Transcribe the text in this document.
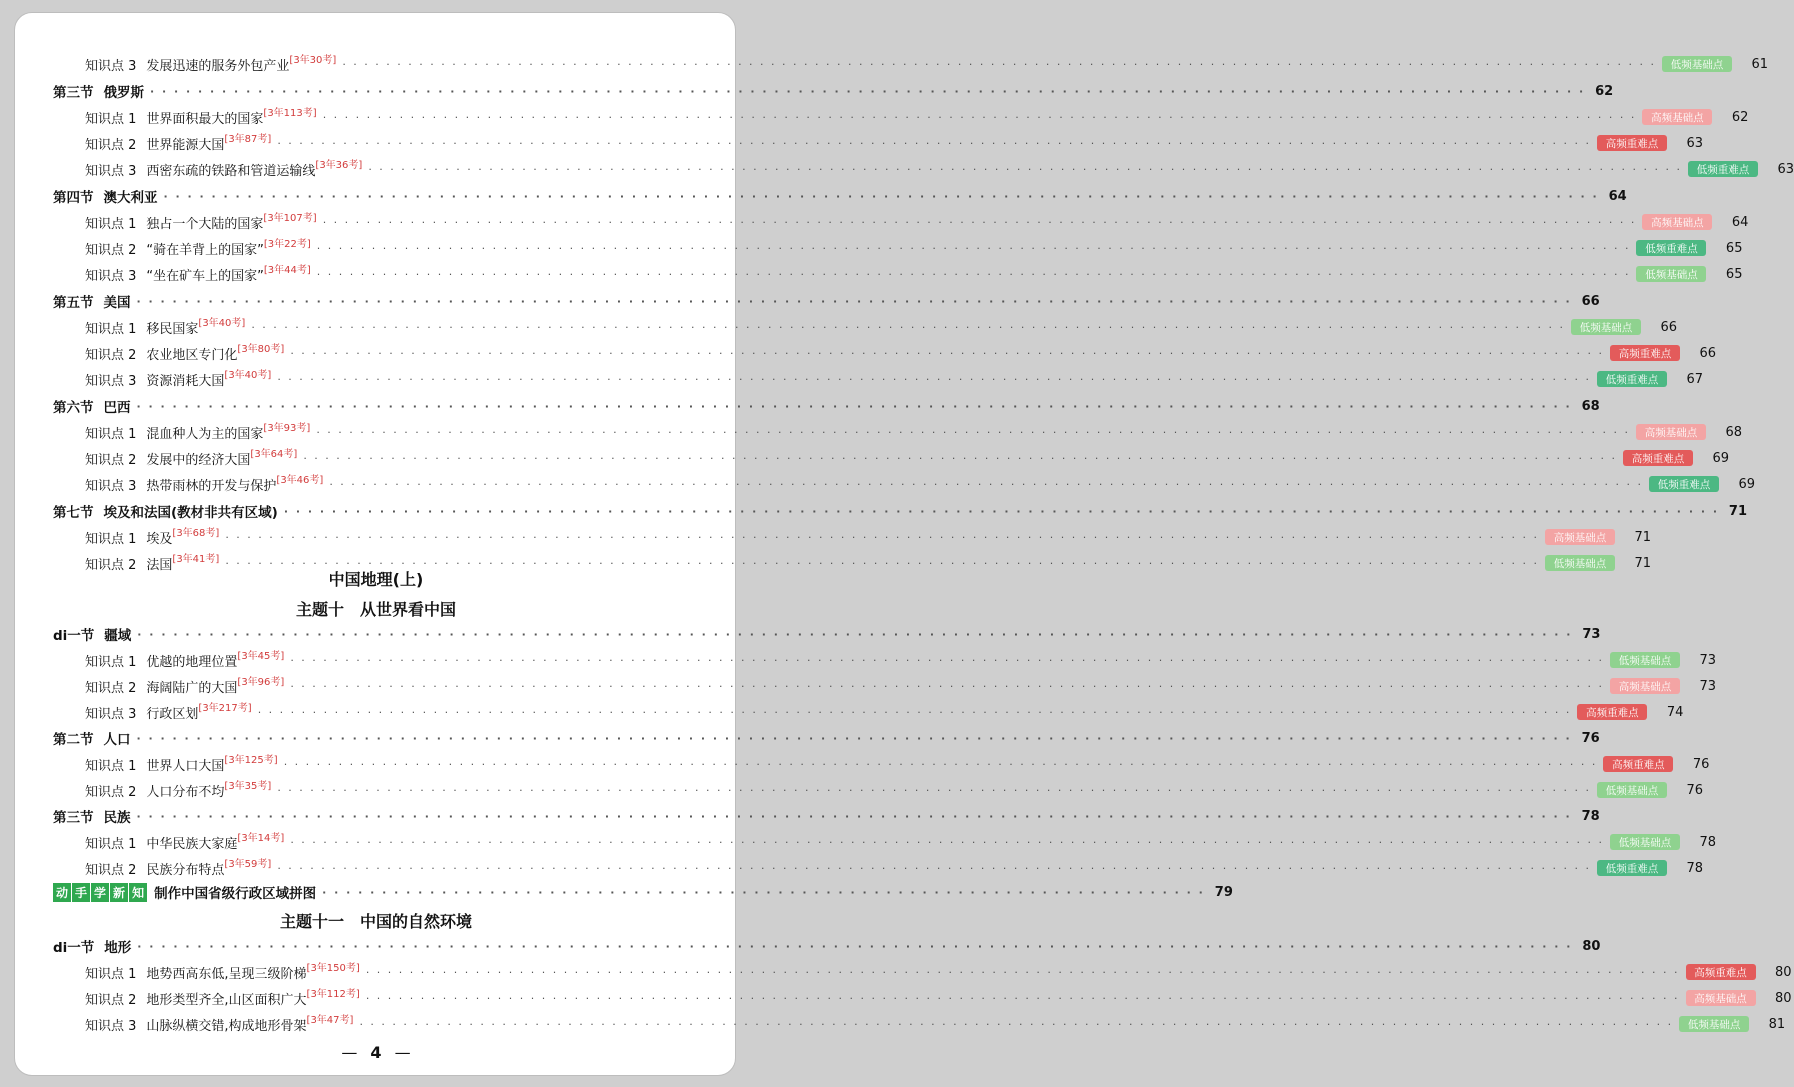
中国地理(上)
主题十　从世界看中国
动 手 学 新 知 制作中国省级行政区域拼图 · · · · · · · · · · · · · · · · · · · · · · · · · · · · · · · · · · · · · · · · · · · · · · · · · · · · · · · · · · · · · · · · · · · · · · · · · · 79
主题十一　中国的自然环境
— 4 —
知识点 3 发展迅速的服务外包产业[3年30考] · · · · · · · · · · · · · · · · · · · · · · · · · · · · · · · · · · · · · · · · · · · · · · · · · · · · · · · · · · · · · · · · · · · · · · · · · · · · · · · · · · · · · · · · · · · · · · · · · · · · · · · · · · · · · · · · · · · · · · · ·	低频基础点	61
第三节 俄罗斯 · · · · · · · · · · · · · · · · · · · · · · · · · · · · · · · · · · · · · · · · · · · · · · · · · · · · · · · · · · · · · · · · · · · · · · · · · · · · · · · · · · · · · · · · · · · · · · · · · · · · · · · · · · · · · · · · · · · · · · · · 62
知识点 1 世界面积最大的国家[3年113考] · · · · · · · · · · · · · · · · · · · · · · · · · · · · · · · · · · · · · · · · · · · · · · · · · · · · · · · · · · · · · · · · · · · · · · · · · · · · · · · · · · · · · · · · · · · · · · · · · · · · · · · · · · · · · · · · · · · · · · · ·	高频基础点	62
知识点 2 世界能源大国[3年87考] · · · · · · · · · · · · · · · · · · · · · · · · · · · · · · · · · · · · · · · · · · · · · · · · · · · · · · · · · · · · · · · · · · · · · · · · · · · · · · · · · · · · · · · · · · · · · · · · · · · · · · · · · · · · · · · · · · · · · · · ·	高频重难点	63
知识点 3 西密东疏的铁路和管道运输线[3年36考] · · · · · · · · · · · · · · · · · · · · · · · · · · · · · · · · · · · · · · · · · · · · · · · · · · · · · · · · · · · · · · · · · · · · · · · · · · · · · · · · · · · · · · · · · · · · · · · · · · · · · · · · · · · · · · · · · · · · · · · ·	低频重难点	63
第四节 澳大利亚 · · · · · · · · · · · · · · · · · · · · · · · · · · · · · · · · · · · · · · · · · · · · · · · · · · · · · · · · · · · · · · · · · · · · · · · · · · · · · · · · · · · · · · · · · · · · · · · · · · · · · · · · · · · · · · · · · · · · · · · · 64
知识点 1 独占一个大陆的国家[3年107考] · · · · · · · · · · · · · · · · · · · · · · · · · · · · · · · · · · · · · · · · · · · · · · · · · · · · · · · · · · · · · · · · · · · · · · · · · · · · · · · · · · · · · · · · · · · · · · · · · · · · · · · · · · · · · · · · · · · · · · · ·	高频基础点	64
知识点 2 “骑在羊背上的国家”[3年22考] · · · · · · · · · · · · · · · · · · · · · · · · · · · · · · · · · · · · · · · · · · · · · · · · · · · · · · · · · · · · · · · · · · · · · · · · · · · · · · · · · · · · · · · · · · · · · · · · · · · · · · · · · · · · · · · · · · · · · · · ·	低频重难点	65
知识点 3 “坐在矿车上的国家”[3年44考] · · · · · · · · · · · · · · · · · · · · · · · · · · · · · · · · · · · · · · · · · · · · · · · · · · · · · · · · · · · · · · · · · · · · · · · · · · · · · · · · · · · · · · · · · · · · · · · · · · · · · · · · · · · · · · · · · · · · · · · ·	低频基础点	65
第五节 美国 · · · · · · · · · · · · · · · · · · · · · · · · · · · · · · · · · · · · · · · · · · · · · · · · · · · · · · · · · · · · · · · · · · · · · · · · · · · · · · · · · · · · · · · · · · · · · · · · · · · · · · · · · · · · · · · · · · · · · · · · 66
知识点 1 移民国家[3年40考] · · · · · · · · · · · · · · · · · · · · · · · · · · · · · · · · · · · · · · · · · · · · · · · · · · · · · · · · · · · · · · · · · · · · · · · · · · · · · · · · · · · · · · · · · · · · · · · · · · · · · · · · · · · · · · · · · · · · · · · ·	低频基础点	66
知识点 2 农业地区专门化[3年80考] · · · · · · · · · · · · · · · · · · · · · · · · · · · · · · · · · · · · · · · · · · · · · · · · · · · · · · · · · · · · · · · · · · · · · · · · · · · · · · · · · · · · · · · · · · · · · · · · · · · · · · · · · · · · · · · · · · · · · · · ·	高频重难点	66
知识点 3 资源消耗大国[3年40考] · · · · · · · · · · · · · · · · · · · · · · · · · · · · · · · · · · · · · · · · · · · · · · · · · · · · · · · · · · · · · · · · · · · · · · · · · · · · · · · · · · · · · · · · · · · · · · · · · · · · · · · · · · · · · · · · · · · · · · · ·	低频重难点	67
第六节 巴西 · · · · · · · · · · · · · · · · · · · · · · · · · · · · · · · · · · · · · · · · · · · · · · · · · · · · · · · · · · · · · · · · · · · · · · · · · · · · · · · · · · · · · · · · · · · · · · · · · · · · · · · · · · · · · · · · · · · · · · · · 68
知识点 1 混血种人为主的国家[3年93考] · · · · · · · · · · · · · · · · · · · · · · · · · · · · · · · · · · · · · · · · · · · · · · · · · · · · · · · · · · · · · · · · · · · · · · · · · · · · · · · · · · · · · · · · · · · · · · · · · · · · · · · · · · · · · · · · · · · · · · · ·	高频基础点	68
知识点 2 发展中的经济大国[3年64考] · · · · · · · · · · · · · · · · · · · · · · · · · · · · · · · · · · · · · · · · · · · · · · · · · · · · · · · · · · · · · · · · · · · · · · · · · · · · · · · · · · · · · · · · · · · · · · · · · · · · · · · · · · · · · · · · · · · · · · · ·	高频重难点	69
知识点 3 热带雨林的开发与保护[3年46考] · · · · · · · · · · · · · · · · · · · · · · · · · · · · · · · · · · · · · · · · · · · · · · · · · · · · · · · · · · · · · · · · · · · · · · · · · · · · · · · · · · · · · · · · · · · · · · · · · · · · · · · · · · · · · · · · · · · · · · · ·	低频重难点	69
第七节 埃及和法国(教材非共有区域) · · · · · · · · · · · · · · · · · · · · · · · · · · · · · · · · · · · · · · · · · · · · · · · · · · · · · · · · · · · · · · · · · · · · · · · · · · · · · · · · · · · · · · · · · · · · · · · · · · · · · · · · · · · · · · · · · · · · · · · · 71
知识点 1 埃及[3年68考] · · · · · · · · · · · · · · · · · · · · · · · · · · · · · · · · · · · · · · · · · · · · · · · · · · · · · · · · · · · · · · · · · · · · · · · · · · · · · · · · · · · · · · · · · · · · · · · · · · · · · · · · · · · · · · · · · · · · · · · ·	高频基础点	71
知识点 2 法国[3年41考] · · · · · · · · · · · · · · · · · · · · · · · · · · · · · · · · · · · · · · · · · · · · · · · · · · · · · · · · · · · · · · · · · · · · · · · · · · · · · · · · · · · · · · · · · · · · · · · · · · · · · · · · · · · · · · · · · · · · · · · ·	低频基础点	71
di一节 疆域 · · · · · · · · · · · · · · · · · · · · · · · · · · · · · · · · · · · · · · · · · · · · · · · · · · · · · · · · · · · · · · · · · · · · · · · · · · · · · · · · · · · · · · · · · · · · · · · · · · · · · · · · · · · · · · · · · · · · · · · · 73
知识点 1 优越的地理位置[3年45考] · · · · · · · · · · · · · · · · · · · · · · · · · · · · · · · · · · · · · · · · · · · · · · · · · · · · · · · · · · · · · · · · · · · · · · · · · · · · · · · · · · · · · · · · · · · · · · · · · · · · · · · · · · · · · · · · · · · · · · · ·	低频基础点	73
知识点 2 海阔陆广的大国[3年96考] · · · · · · · · · · · · · · · · · · · · · · · · · · · · · · · · · · · · · · · · · · · · · · · · · · · · · · · · · · · · · · · · · · · · · · · · · · · · · · · · · · · · · · · · · · · · · · · · · · · · · · · · · · · · · · · · · · · · · · · ·	高频基础点	73
知识点 3 行政区划[3年217考] · · · · · · · · · · · · · · · · · · · · · · · · · · · · · · · · · · · · · · · · · · · · · · · · · · · · · · · · · · · · · · · · · · · · · · · · · · · · · · · · · · · · · · · · · · · · · · · · · · · · · · · · · · · · · · · · · · · · · · · ·	高频重难点	74
第二节 人口 · · · · · · · · · · · · · · · · · · · · · · · · · · · · · · · · · · · · · · · · · · · · · · · · · · · · · · · · · · · · · · · · · · · · · · · · · · · · · · · · · · · · · · · · · · · · · · · · · · · · · · · · · · · · · · · · · · · · · · · · 76
知识点 1 世界人口大国[3年125考] · · · · · · · · · · · · · · · · · · · · · · · · · · · · · · · · · · · · · · · · · · · · · · · · · · · · · · · · · · · · · · · · · · · · · · · · · · · · · · · · · · · · · · · · · · · · · · · · · · · · · · · · · · · · · · · · · · · · · · · ·	高频重难点	76
知识点 2 人口分布不均[3年35考] · · · · · · · · · · · · · · · · · · · · · · · · · · · · · · · · · · · · · · · · · · · · · · · · · · · · · · · · · · · · · · · · · · · · · · · · · · · · · · · · · · · · · · · · · · · · · · · · · · · · · · · · · · · · · · · · · · · · · · · ·	低频基础点	76
第三节 民族 · · · · · · · · · · · · · · · · · · · · · · · · · · · · · · · · · · · · · · · · · · · · · · · · · · · · · · · · · · · · · · · · · · · · · · · · · · · · · · · · · · · · · · · · · · · · · · · · · · · · · · · · · · · · · · · · · · · · · · · · 78
知识点 1 中华民族大家庭[3年14考] · · · · · · · · · · · · · · · · · · · · · · · · · · · · · · · · · · · · · · · · · · · · · · · · · · · · · · · · · · · · · · · · · · · · · · · · · · · · · · · · · · · · · · · · · · · · · · · · · · · · · · · · · · · · · · · · · · · · · · · ·	低频基础点	78
知识点 2 民族分布特点[3年59考] · · · · · · · · · · · · · · · · · · · · · · · · · · · · · · · · · · · · · · · · · · · · · · · · · · · · · · · · · · · · · · · · · · · · · · · · · · · · · · · · · · · · · · · · · · · · · · · · · · · · · · · · · · · · · · · · · · · · · · · ·	低频重难点	78
di一节 地形 · · · · · · · · · · · · · · · · · · · · · · · · · · · · · · · · · · · · · · · · · · · · · · · · · · · · · · · · · · · · · · · · · · · · · · · · · · · · · · · · · · · · · · · · · · · · · · · · · · · · · · · · · · · · · · · · · · · · · · · · 80
知识点 1 地势西高东低,呈现三级阶梯[3年150考] · · · · · · · · · · · · · · · · · · · · · · · · · · · · · · · · · · · · · · · · · · · · · · · · · · · · · · · · · · · · · · · · · · · · · · · · · · · · · · · · · · · · · · · · · · · · · · · · · · · · · · · · · · · · · · · · · · · · · · · ·	高频重难点	80
知识点 2 地形类型齐全,山区面积广大[3年112考] · · · · · · · · · · · · · · · · · · · · · · · · · · · · · · · · · · · · · · · · · · · · · · · · · · · · · · · · · · · · · · · · · · · · · · · · · · · · · · · · · · · · · · · · · · · · · · · · · · · · · · · · · · · · · · · · · · · · · · · ·	高频基础点	80
知识点 3 山脉纵横交错,构成地形骨架[3年47考] · · · · · · · · · · · · · · · · · · · · · · · · · · · · · · · · · · · · · · · · · · · · · · · · · · · · · · · · · · · · · · · · · · · · · · · · · · · · · · · · · · · · · · · · · · · · · · · · · · · · · · · · · · · · · · · · · · · · · · · ·	低频基础点	81
